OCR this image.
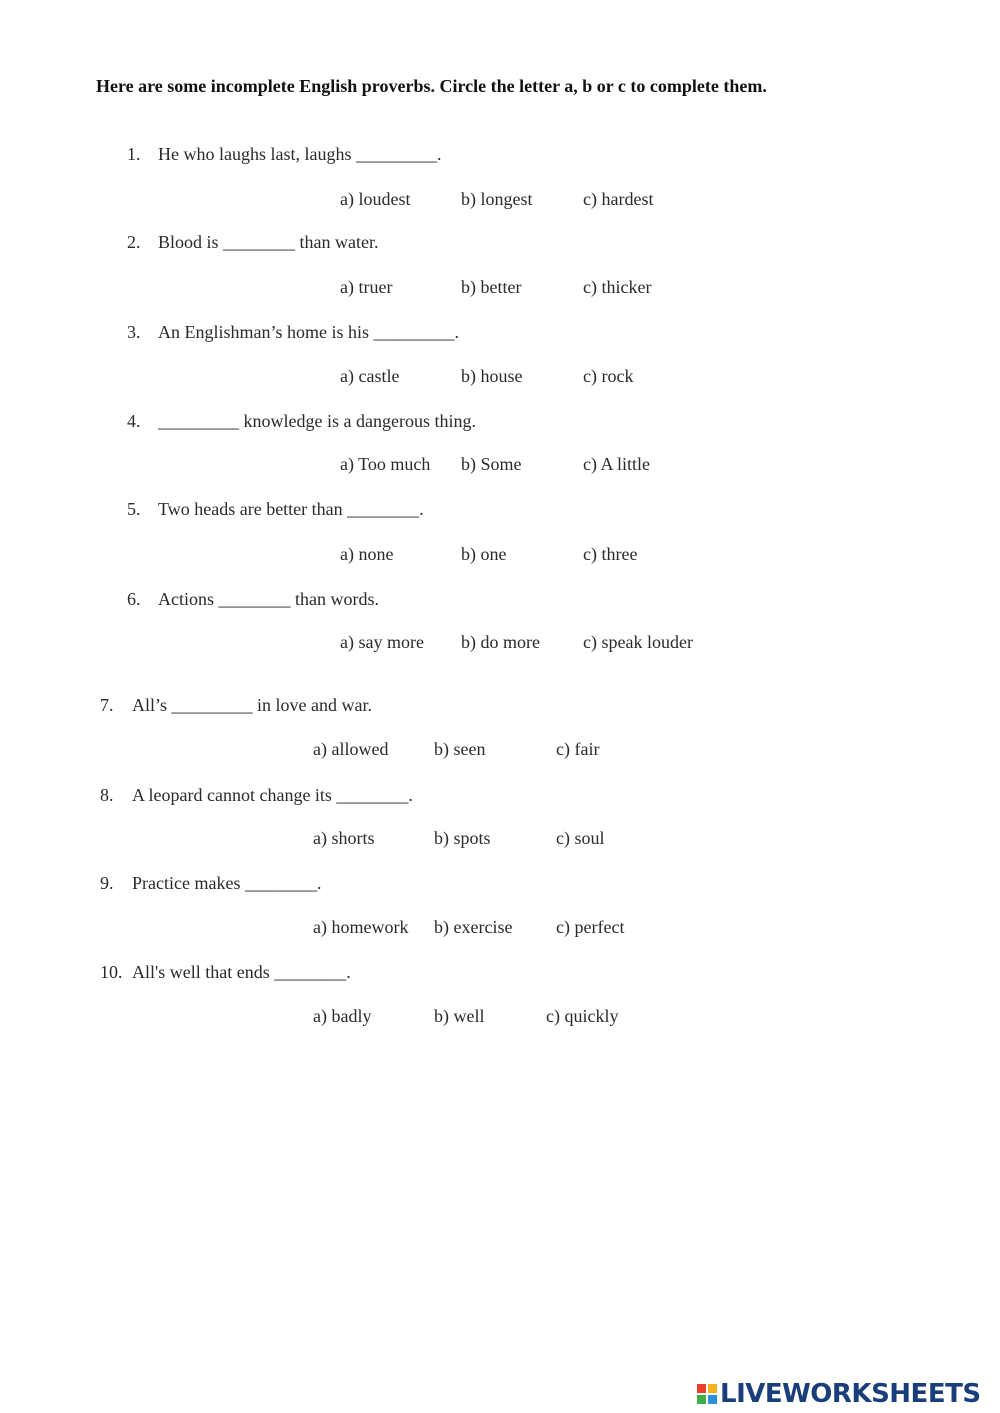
Here are some incomplete English proverbs. Circle the letter a, b or c to complete them.
1. He who laughs last, laughs _________.
a) loudest	b) longest	c) hardest
2. Blood is ________ than water.
a) truer	b) better	c) thicker
3. An Englishman’s home is his _________.
a) castle	b) house	c) rock
4. _________ knowledge is a dangerous thing.
a) Too much b) Some	c) A little
5. Two heads are better than ________.
a) none	b) one	c) three
6. Actions ________ than words.
a) say more b) do more c) speak louder
7. All’s _________ in love and war.
a) allowed	b) seen	c) fair
8. A leopard cannot change its ________.
a) shorts	b) spots	c) soul
9. Practice makes ________.
a) homework b) exercise c) perfect
10. All's well that ends ________.
a) badly	b) well	c) quickly
LIVEWORKSHEETS
